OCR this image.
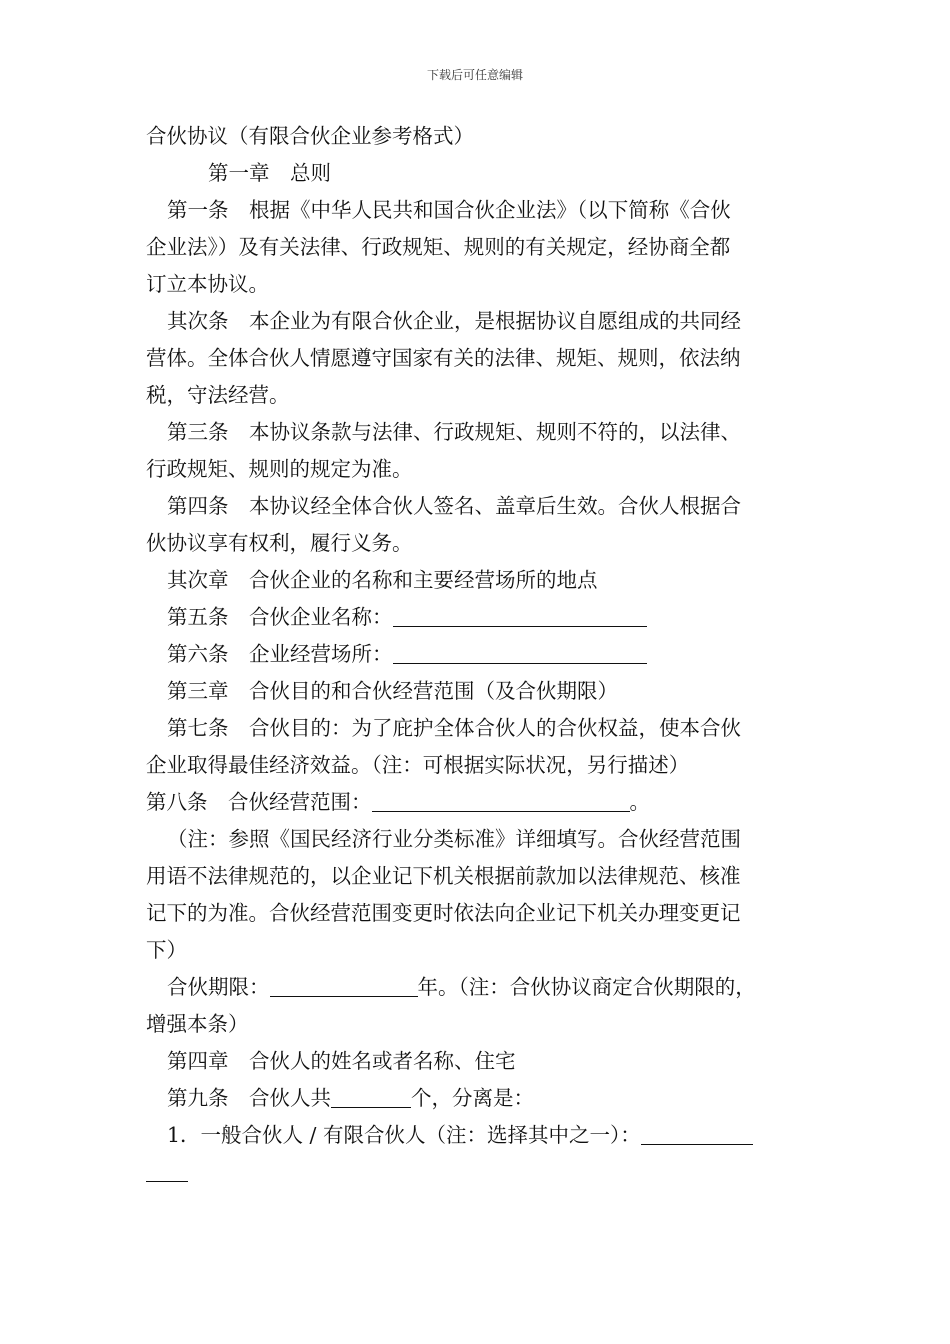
下载后可任意编辑
合伙协议（有限合伙企业参考格式）
第一章　总则
第一条　根据《中华人民共和国合伙企业法》（以下简称《合伙
企业法》）及有关法律、行政规矩、规则的有关规定，经协商全都
订立本协议。
其次条　本企业为有限合伙企业，是根据协议自愿组成的共同经
营体。全体合伙人情愿遵守国家有关的法律、规矩、规则，依法纳
税，守法经营。
第三条　本协议条款与法律、行政规矩、规则不符的，以法律、
行政规矩、规则的规定为准。
第四条　本协议经全体合伙人签名、盖章后生效。合伙人根据合
伙协议享有权利，履行义务。
其次章　合伙企业的名称和主要经营场所的地点
第五条　合伙企业名称：
第六条　企业经营场所：
第三章　合伙目的和合伙经营范围（及合伙期限）
第七条　合伙目的：为了庇护全体合伙人的合伙权益，使本合伙
企业取得最佳经济效益。（注：可根据实际状况，另行描述）
第八条　合伙经营范围：	。
（注：参照《国民经济行业分类标准》详细填写。合伙经营范围
用语不法律规范的，以企业记下机关根据前款加以法律规范、核准
记下的为准。合伙经营范围变更时依法向企业记下机关办理变更记
下）
合伙期限：	年。（注：合伙协议商定合伙期限的，
增强本条）
第四章　合伙人的姓名或者名称、住宅
第九条　合伙人共	个，分离是：
1．一般合伙人 / 有限合伙人（注：选择其中之一）：
